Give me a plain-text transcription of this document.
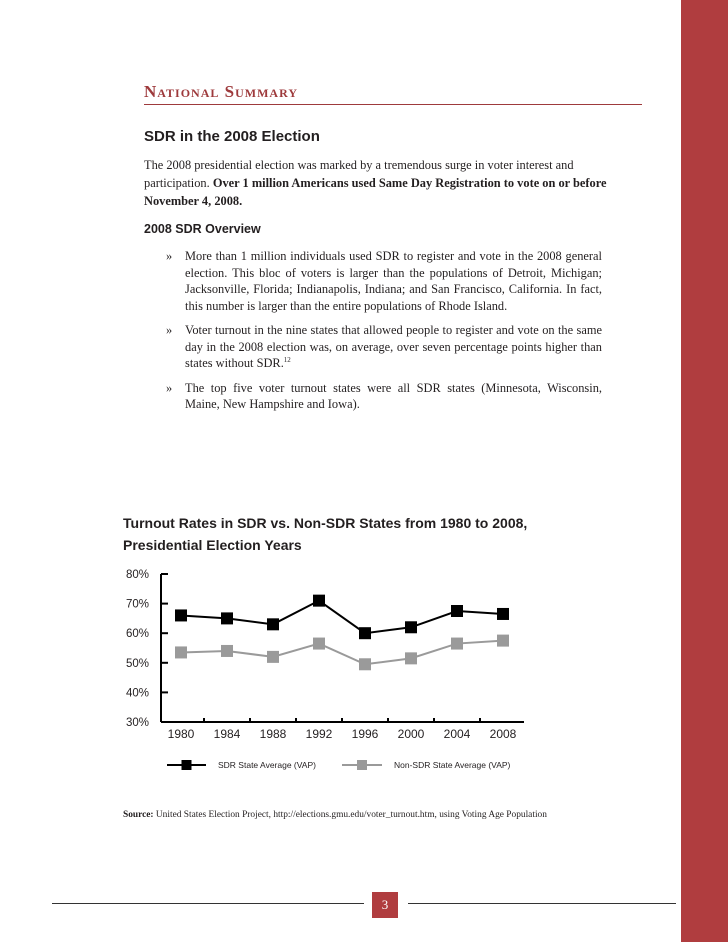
National Summary
SDR in the 2008 Election
The 2008 presidential election was marked by a tremendous surge in voter interest and participation. Over 1 million Americans used Same Day Registration to vote on or before November 4, 2008.
2008 SDR Overview
» More than 1 million individuals used SDR to register and vote in the 2008 general election. This bloc of voters is larger than the populations of Detroit, Michigan; Jacksonville, Florida; Indianapolis, Indiana; and San Francisco, California. In fact, this number is larger than the entire populations of Rhode Island.
» Voter turnout in the nine states that allowed people to register and vote on the same day in the 2008 election was, on average, over seven percentage points higher than states without SDR.$^{12}$
» The top five voter turnout states were all SDR states (Minnesota, Wisconsin, Maine, New Hampshire and Iowa).
Turnout Rates in SDR vs. Non-SDR States from 1980 to 2008, Presidential Election Years
80%
70%
60%
50%
40%
30%
1980 1984 1988 1992 1996 2000 2004 2008
SDR State Average (VAP)	Non-SDR State Average (VAP)
Source: United States Election Project, http://elections.gmu.edu/voter_turnout.htm, using Voting Age Population
3
